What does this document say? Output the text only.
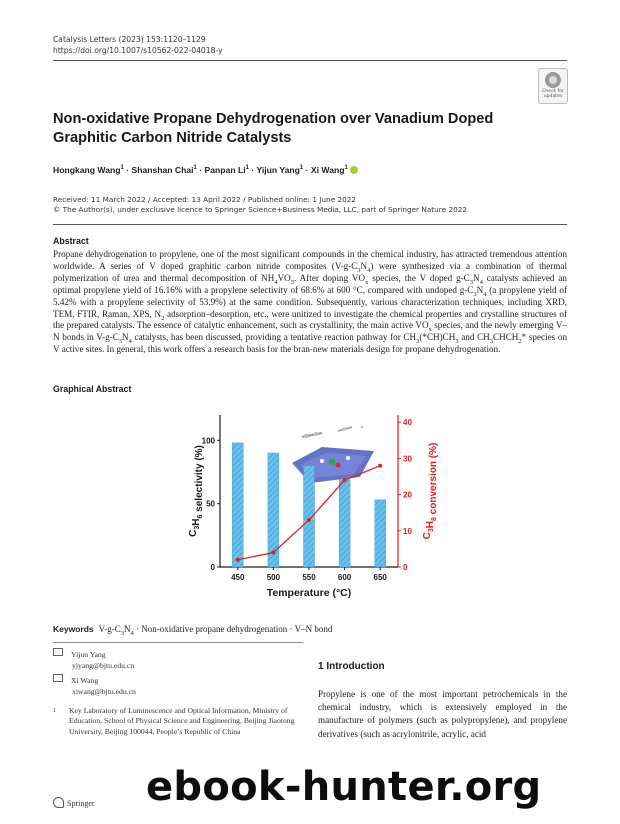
Catalysis Letters (2023) 153:1120–1129
https://doi.org/10.1007/s10562-022-04018-y
Check for
updates
Non-oxidative Propane Dehydrogenation over Vanadium Doped Graphitic Carbon Nitride Catalysts
Hongkang Wang$^1$ · Shanshan Chai$^1$ · Panpan $Li^1$ · Yijun Yang$^1$ · Xi Wang$^1$
Received: 11 March 2022 / Accepted: 13 April 2022 / Published online: 1 June 2022
© The Author(s), under exclusive licence to Springer Science+Business Media, LLC, part of Springer Nature 2022
Abstract
Propane dehydrogenation to propylene, one of the most significant compounds in the chemical industry, has attracted tremendous attention worldwide. A series of V doped graphitic carbon nitride composites $(V-g-C_3N_4)$ were synthesized via a combination of thermal polymerization of urea and thermal decomposition of $NH_4VO_3$. After doping $VO_x$ species, the V doped $g-C_3N_4$ catalysts achieved an optimal propylene yield of 16.16% with a propylene selectivity of 68.6% at 600 °C, compared with undoped $g-C_3N_4$ (a propylene yield of 5.42% with a propylene selectivity of 53.9%) at the same condition. Subsequently, various characterization techniques, including XRD, TEM, FTIR, Raman, XPS, $N_2$ adsorption–desorption, etc., were unitized to investigate the chemical properties and crystalline structures of the prepared catalysts. The essence of catalytic enhancement, such as crystallinity, the main active $VO_x$ species, and the newly emerging V–N bonds in $V-g-C_3N_4$ catalysts, has been discussed, providing a tentative reaction pathway for $CH_3(*CH)CH_3$ and $CH_3CHCH_2*$ species on V active sites. In general, this work offers a research basis for the bran-new materials design for propane dehydrogenation.
Graphical Abstract
0
50
100
0
10
20
30
40
450	500	550	600	650
Temperature (°C)
$C_3H_6$ selectivity (%)
$C_3H_8$ conversion (%)
Keywords $V-g-C_3N_4$ · Non-oxidative propane dehydrogenation · V–N bond
Yijun Yang
yjyang@bjtu.edu.cn
Xi Wang
xiwang@bjtu.edu.cn
1 Key Laboratory of Luminescence and Optical Information, Ministry of Education, School of Physical Science and Engineering, Beijing Jiaotong University, Beijing 100044, People’s Republic of China
1 Introduction
Propylene is one of the most important petrochemicals in the chemical industry, which is extensively employed in the manufacture of polymers (such as polypropylene), and propylene derivatives (such as acrylonitrile, acrylic, acid
Springer ebook-hunter.org
